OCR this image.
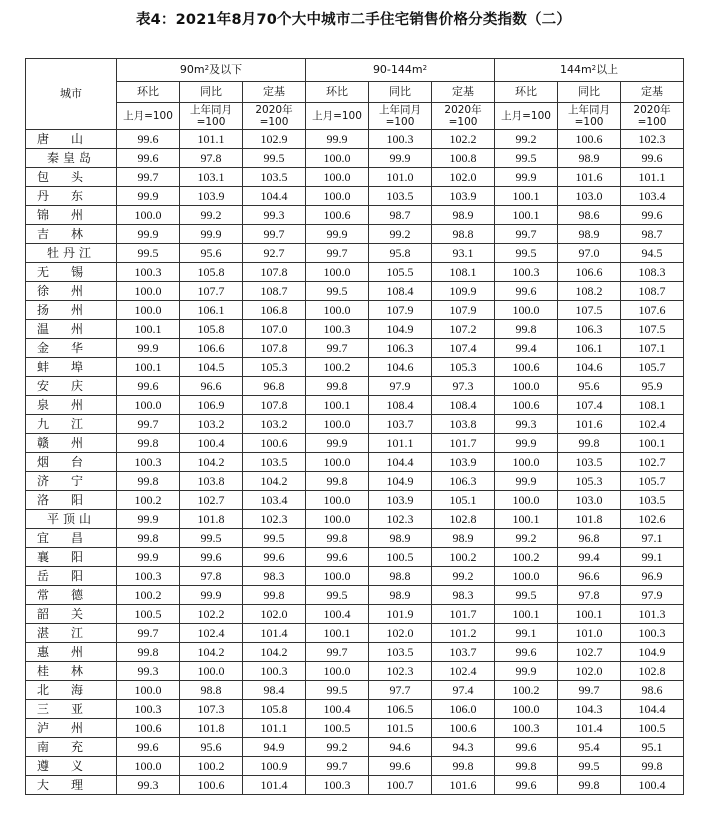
表4：2021年8月70个大中城市二手住宅销售价格分类指数（二）
城市	$90m^2$及以下			$90-144m^2$			$144m^2$以上		
	环比	同比	定基	环比	同比	定基	环比	同比	定基
	上月=100	上年同月=100	2020年=100	上月=100	上年同月=100	2020年=100	上月=100	上年同月=100	2020年=100
唐山	99.6	101.1	102.9	99.9	100.3	102.2	99.2	100.6	102.3
秦皇岛	99.6	97.8	99.5	100.0	99.9	100.8	99.5	98.9	99.6
包头	99.7	103.1	103.5	100.0	101.0	102.0	99.9	101.6	101.1
丹东	99.9	103.9	104.4	100.0	103.5	103.9	100.1	103.0	103.4
锦州	100.0	99.2	99.3	100.6	98.7	98.9	100.1	98.6	99.6
吉林	99.9	99.9	99.7	99.9	99.2	98.8	99.7	98.9	98.7
牡丹江	99.5	95.6	92.7	99.7	95.8	93.1	99.5	97.0	94.5
无锡	100.3	105.8	107.8	100.0	105.5	108.1	100.3	106.6	108.3
徐州	100.0	107.7	108.7	99.5	108.4	109.9	99.6	108.2	108.7
扬州	100.0	106.1	106.8	100.0	107.9	107.9	100.0	107.5	107.6
温州	100.1	105.8	107.0	100.3	104.9	107.2	99.8	106.3	107.5
金华	99.9	106.6	107.8	99.7	106.3	107.4	99.4	106.1	107.1
蚌埠	100.1	104.5	105.3	100.2	104.6	105.3	100.6	104.6	105.7
安庆	99.6	96.6	96.8	99.8	97.9	97.3	100.0	95.6	95.9
泉州	100.0	106.9	107.8	100.1	108.4	108.4	100.6	107.4	108.1
九江	99.7	103.2	103.2	100.0	103.7	103.8	99.3	101.6	102.4
赣州	99.8	100.4	100.6	99.9	101.1	101.7	99.9	99.8	100.1
烟台	100.3	104.2	103.5	100.0	104.4	103.9	100.0	103.5	102.7
济宁	99.8	103.8	104.2	99.8	104.9	106.3	99.9	105.3	105.7
洛阳	100.2	102.7	103.4	100.0	103.9	105.1	100.0	103.0	103.5
平顶山	99.9	101.8	102.3	100.0	102.3	102.8	100.1	101.8	102.6
宜昌	99.8	99.5	99.5	99.8	98.9	98.9	99.2	96.8	97.1
襄阳	99.9	99.6	99.6	99.6	100.5	100.2	100.2	99.4	99.1
岳阳	100.3	97.8	98.3	100.0	98.8	99.2	100.0	96.6	96.9
常德	100.2	99.9	99.8	99.5	98.9	98.3	99.5	97.8	97.9
韶关	100.5	102.2	102.0	100.4	101.9	101.7	100.1	100.1	101.3
湛江	99.7	102.4	101.4	100.1	102.0	101.2	99.1	101.0	100.3
惠州	99.8	104.2	104.2	99.7	103.5	103.7	99.6	102.7	104.9
桂林	99.3	100.0	100.3	100.0	102.3	102.4	99.9	102.0	102.8
北海	100.0	98.8	98.4	99.5	97.7	97.4	100.2	99.7	98.6
三亚	100.3	107.3	105.8	100.4	106.5	106.0	100.0	104.3	104.4
泸州	100.6	101.8	101.1	100.5	101.5	100.6	100.3	101.4	100.5
南充	99.6	95.6	94.9	99.2	94.6	94.3	99.6	95.4	95.1
遵义	100.0	100.2	100.9	99.7	99.6	99.8	99.8	99.5	99.8
大理	99.3	100.6	101.4	100.3	100.7	101.6	99.6	99.8	100.4
